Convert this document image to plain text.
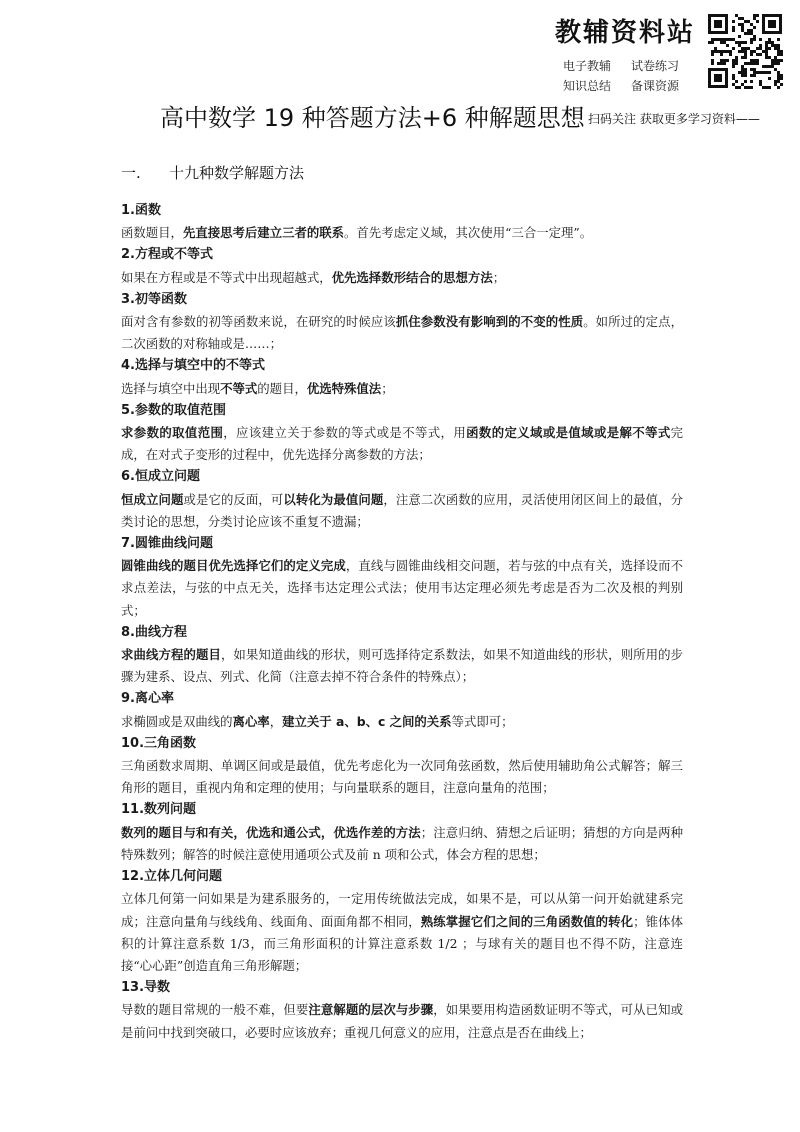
教辅资料站
电子教辅 试卷练习
知识总结 备课资源
扫码关注 获取更多学习资料——
高中数学 19 种答题方法+6 种解题思想
一. 十九种数学解题方法
1.函数
函数题目，先直接思考后建立三者的联系。首先考虑定义域，其次使用“三合一定理”。
2.方程或不等式
如果在方程或是不等式中出现超越式，优先选择数形结合的思想方法；
3.初等函数
面对含有参数的初等函数来说，在研究的时候应该抓住参数没有影响到的不变的性质。如所过的定点，二次函数的对称轴或是……；
4.选择与填空中的不等式
选择与填空中出现不等式的题目，优选特殊值法；
5.参数的取值范围
求参数的取值范围，应该建立关于参数的等式或是不等式，用函数的定义域或是值域或是解不等式完成，在对式子变形的过程中，优先选择分离参数的方法；
6.恒成立问题
恒成立问题或是它的反面，可以转化为最值问题，注意二次函数的应用，灵活使用闭区间上的最值，分类讨论的思想，分类讨论应该不重复不遗漏；
7.圆锥曲线问题
圆锥曲线的题目优先选择它们的定义完成，直线与圆锥曲线相交问题，若与弦的中点有关，选择设而不求点差法，与弦的中点无关，选择韦达定理公式法；使用韦达定理必须先考虑是否为二次及根的判别式；
8.曲线方程
求曲线方程的题目，如果知道曲线的形状，则可选择待定系数法，如果不知道曲线的形状，则所用的步骤为建系、设点、列式、化简（注意去掉不符合条件的特殊点）；
9.离心率
求椭圆或是双曲线的离心率，建立关于 a、b、c 之间的关系等式即可；
10.三角函数
三角函数求周期、单调区间或是最值，优先考虑化为一次同角弦函数，然后使用辅助角公式解答；解三角形的题目，重视内角和定理的使用；与向量联系的题目，注意向量角的范围；
11.数列问题
数列的题目与和有关，优选和通公式，优选作差的方法；注意归纳、猜想之后证明；猜想的方向是两种特殊数列；解答的时候注意使用通项公式及前 n 项和公式，体会方程的思想；
12.立体几何问题
立体几何第一问如果是为建系服务的，一定用传统做法完成，如果不是，可以从第一问开始就建系完成；注意向量角与线线角、线面角、面面角都不相同，熟练掌握它们之间的三角函数值的转化；锥体体积的计算注意系数 1/3，而三角形面积的计算注意系数 1/2 ；与球有关的题目也不得不防，注意连接“心心距”创造直角三角形解题；
13.导数
导数的题目常规的一般不难，但要注意解题的层次与步骤，如果要用构造函数证明不等式，可从已知或是前问中找到突破口，必要时应该放弃；重视几何意义的应用，注意点是否在曲线上；
